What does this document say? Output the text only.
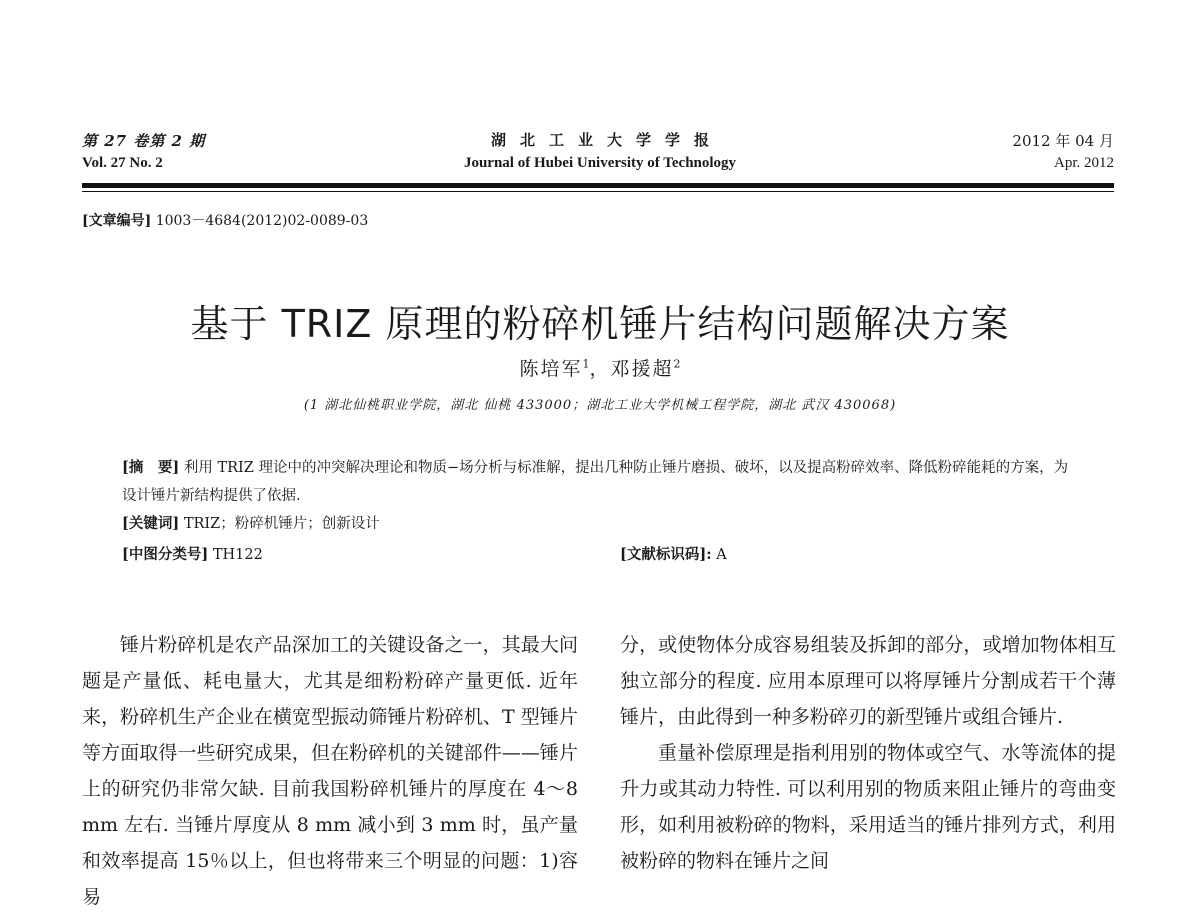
第 27 卷第 2 期
Vol. 27 No. 2
湖北工业大学学报
Journal of Hubei University of Technology
2012 年 04 月
Apr. 2012
[文章编号] 1003－4684(2012)02-0089-03
基于 TRIZ 原理的粉碎机锤片结构问题解决方案
陈培军$^1$，邓援超$^2$
(1 湖北仙桃职业学院，湖北 仙桃 433000；湖北工业大学机械工程学院，湖北 武汉 430068)
[摘　要] 利用 TRIZ 理论中的冲突解决理论和物质−场分析与标准解，提出几种防止锤片磨损、破坏，以及提高粉碎效率、降低粉碎能耗的方案，为设计锤片新结构提供了依据.
[关键词] TRIZ；粉碎机锤片；创新设计
[中图分类号] TH122	[文献标识码]: A

锤片粉碎机是农产品深加工的关键设备之一，其最大问题是产量低、耗电量大，尤其是细粉粉碎产量更低. 近年来，粉碎机生产企业在横宽型振动筛锤片粉碎机、T 型锤片等方面取得一些研究成果，但在粉碎机的关键部件——锤片上的研究仍非常欠缺. 目前我国粉碎机锤片的厚度在 4～8 mm 左右. 当锤片厚度从 8 mm 减小到 3 mm 时，虽产量和效率提高 15％以上，但也将带来三个明显的问题：1)容易

分，或使物体分成容易组装及拆卸的部分，或增加物体相互独立部分的程度. 应用本原理可以将厚锤片分割成若干个薄锤片，由此得到一种多粉碎刃的新型锤片或组合锤片.

重量补偿原理是指利用别的物体或空气、水等流体的提升力或其动力特性. 可以利用别的物质来阻止锤片的弯曲变形，如利用被粉碎的物料，采用适当的锤片排列方式，利用被粉碎的物料在锤片之间
